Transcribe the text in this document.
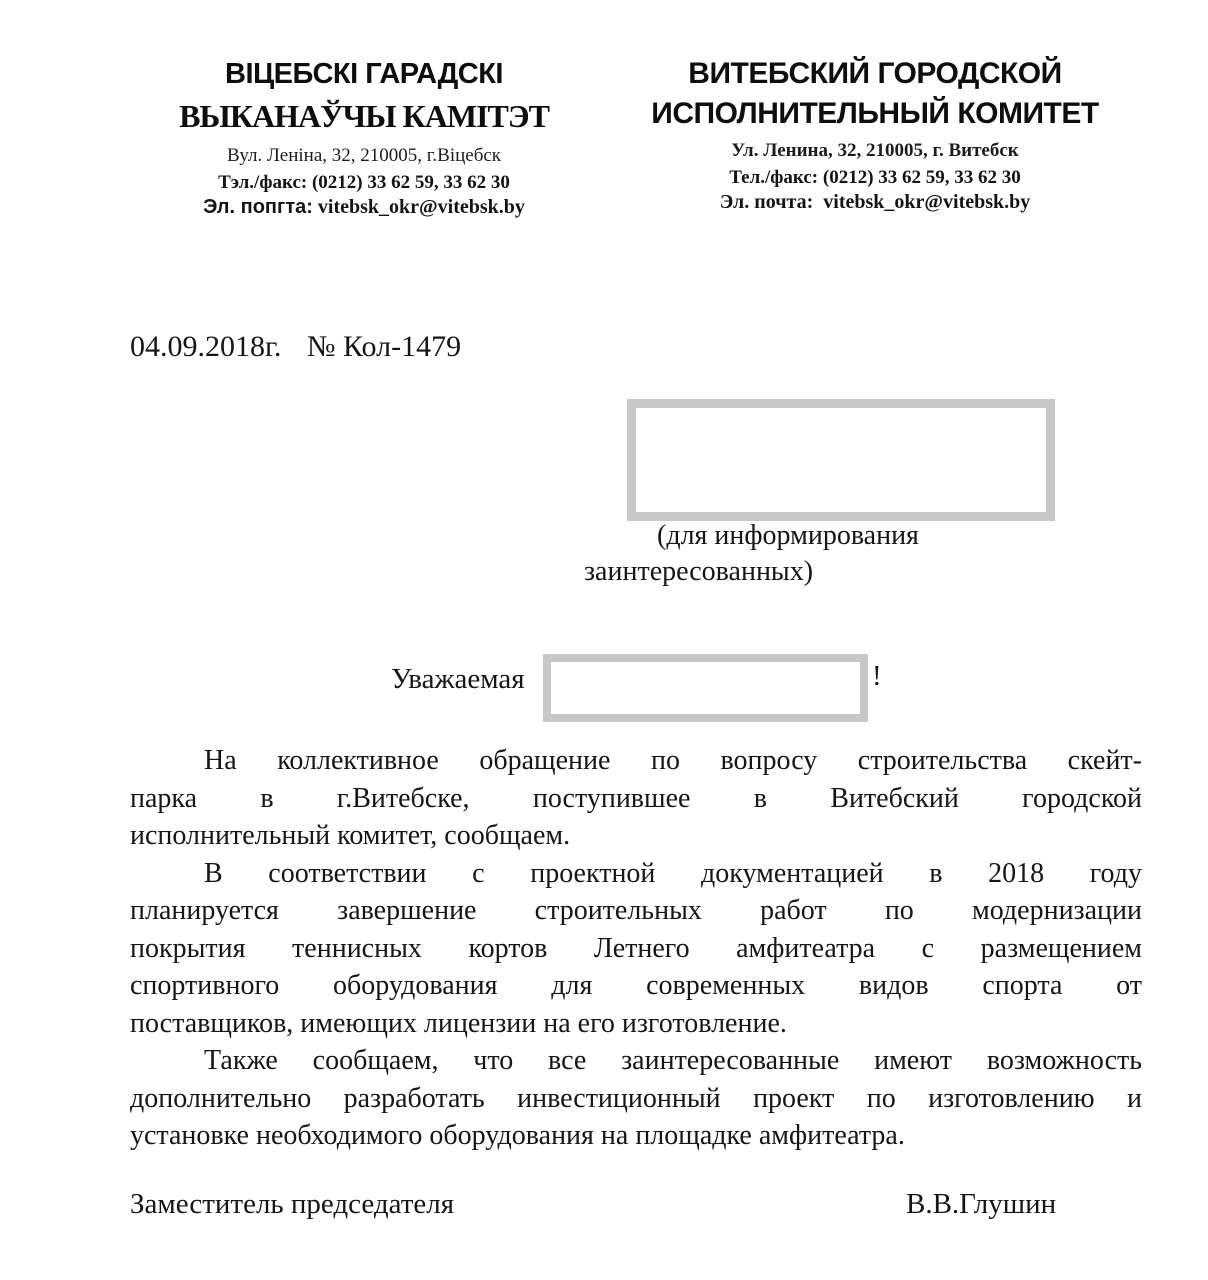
ВІЦЕБСКІ ГАРАДСКІ
ВЫКАНАЎЧЫ КАМІТЭТ
Вул. Леніна, 32, 210005, г.Віцебск
Тэл./факс: (0212) 33 62 59, 33 62 30
Эл. попгта: vitebsk_okr@vitebsk.by
ВИТЕБСКИЙ ГОРОДСКОЙ
ИСПОЛНИТЕЛЬНЫЙ КОМИТЕТ
Ул. Ленина, 32, 210005, г. Витебск
Тел./факс: (0212) 33 62 59, 33 62 30
Эл. почта: vitebsk_okr@vitebsk.by
04.09.2018г. № Кол-1479
(для информирования
заинтересованных)
Уважаемая	!
На коллективное обращение по вопросу строительства скейт-
парка в г.Витебске, поступившее в Витебский городской
исполнительный комитет, сообщаем.
В соответствии с проектной документацией в 2018 году
планируется завершение строительных работ по модернизации
покрытия теннисных кортов Летнего амфитеатра с размещением
спортивного оборудования для современных видов спорта от
поставщиков, имеющих лицензии на его изготовление.
Также сообщаем, что все заинтересованные имеют возможность
дополнительно разработать инвестиционный проект по изготовлению и
установке необходимого оборудования на площадке амфитеатра.
Заместитель председателя	В.В.Глушин
